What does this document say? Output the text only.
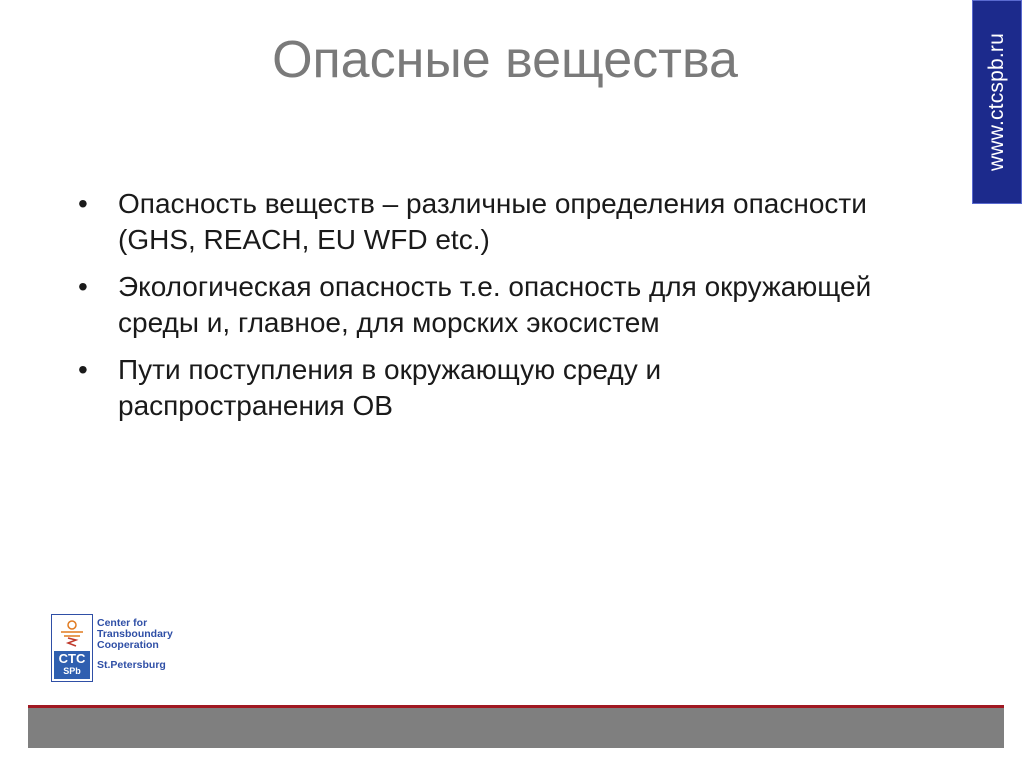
Опасные вещества	www.ctcspb.ru
•	Опасность веществ – различные определения опасности (GHS, REACH, EU WFD etc.)
•	Экологическая опасность т.е. опасность для окружающей среды и, главное, для морских экосистем
•	Пути поступления в окружающую среду и распространения ОВ
CTC
SPb
Center for
Transboundary
Cooperation
St.Petersburg
